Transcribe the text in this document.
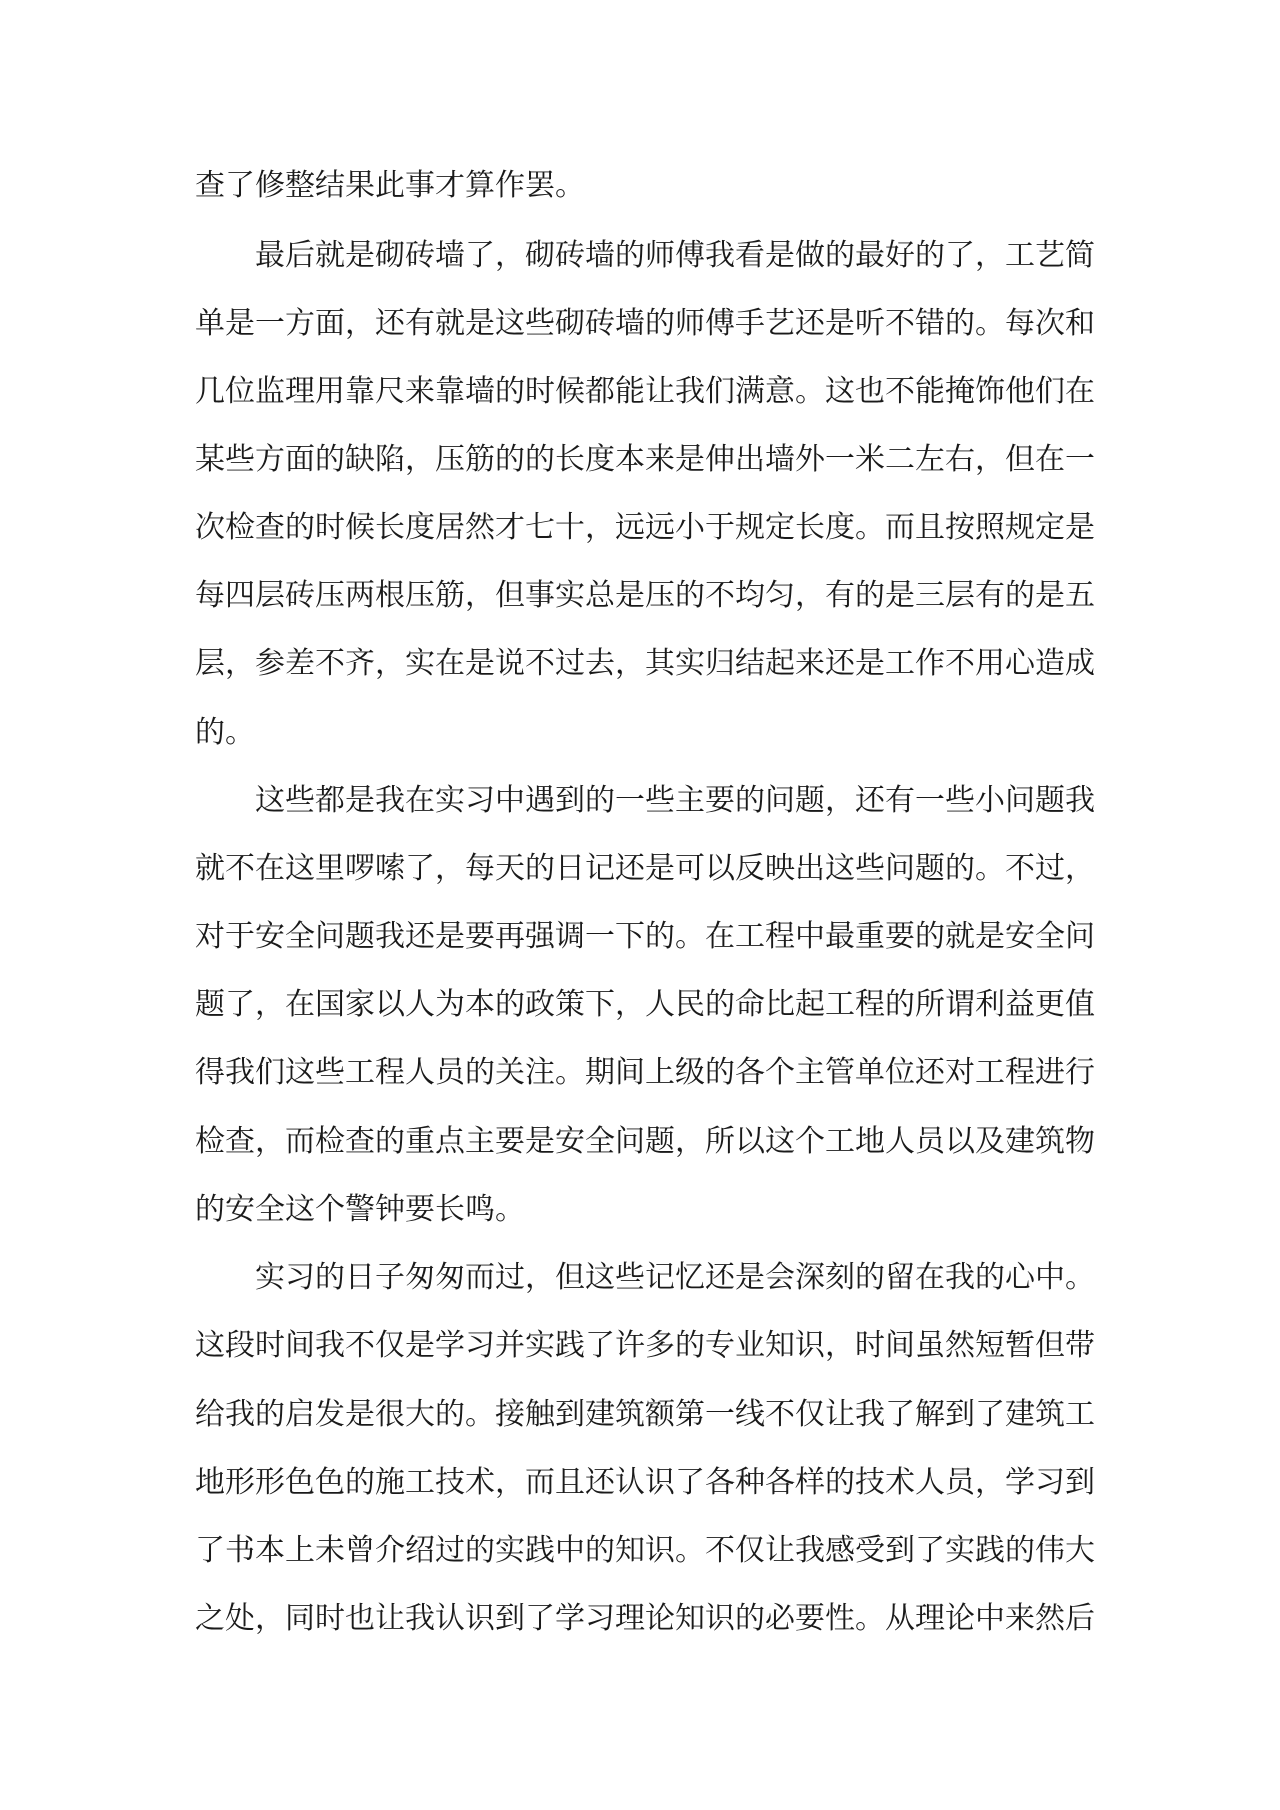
查了修整结果此事才算作罢。
最后就是砌砖墙了，砌砖墙的师傅我看是做的最好的了，工艺简
单是一方面，还有就是这些砌砖墙的师傅手艺还是听不错的。每次和
几位监理用靠尺来靠墙的时候都能让我们满意。这也不能掩饰他们在
某些方面的缺陷，压筋的的长度本来是伸出墙外一米二左右，但在一
次检查的时候长度居然才七十，远远小于规定长度。而且按照规定是
每四层砖压两根压筋，但事实总是压的不均匀，有的是三层有的是五
层，参差不齐，实在是说不过去，其实归结起来还是工作不用心造成
的。
这些都是我在实习中遇到的一些主要的问题，还有一些小问题我
就不在这里啰嗦了，每天的日记还是可以反映出这些问题的。不过，
对于安全问题我还是要再强调一下的。在工程中最重要的就是安全问
题了，在国家以人为本的政策下，人民的命比起工程的所谓利益更值
得我们这些工程人员的关注。期间上级的各个主管单位还对工程进行
检查，而检查的重点主要是安全问题，所以这个工地人员以及建筑物
的安全这个警钟要长鸣。
实习的日子匆匆而过，但这些记忆还是会深刻的留在我的心中。
这段时间我不仅是学习并实践了许多的专业知识，时间虽然短暂但带
给我的启发是很大的。接触到建筑额第一线不仅让我了解到了建筑工
地形形色色的施工技术，而且还认识了各种各样的技术人员，学习到
了书本上未曾介绍过的实践中的知识。不仅让我感受到了实践的伟大
之处，同时也让我认识到了学习理论知识的必要性。从理论中来然后
